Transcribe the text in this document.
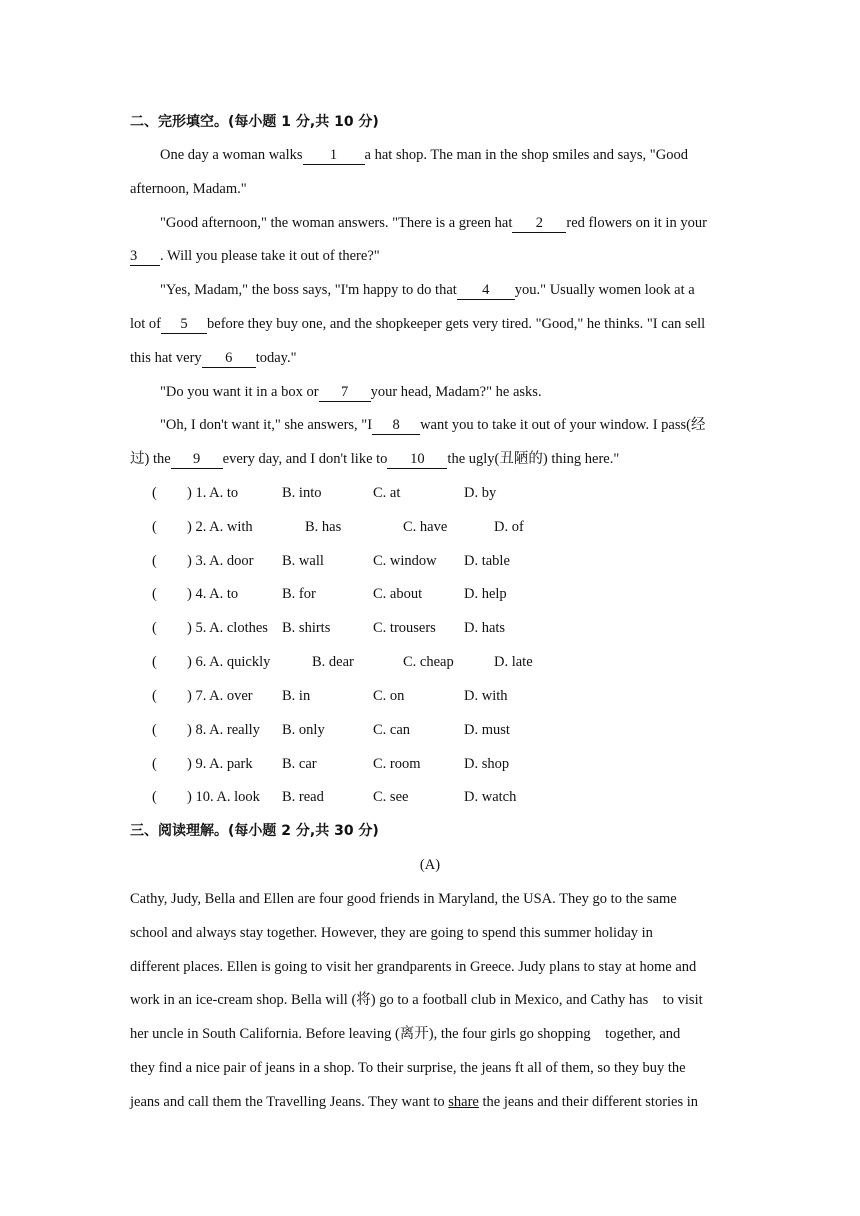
二、完形填空。(每小题 1 分,共 10 分)
One day a woman walks 1 a hat shop. The man in the shop smiles and says, "Good
afternoon, Madam."
"Good afternoon," the woman answers. "There is a green hat 2 red flowers on it in your
3 . Will you please take it out of there?"
"Yes, Madam," the boss says, "I'm happy to do that 4 you." Usually women look at a
lot of 5 before they buy one, and the shopkeeper gets very tired. "Good," he thinks. "I can sell
this hat very 6 today."
"Do you want it in a box or 7 your head, Madam?" he asks.
"Oh, I don't want it," she answers, "I 8 want you to take it out of your window. I pass(经
过) the 9 every day, and I don't like to 10 the ugly(丑陋的) thing here."
( ) 1. A. to	B. into	C. at	D. by
( ) 2. A. with	B. has	C. have	D. of
( ) 3. A. door B. wall	C. window D. table
( ) 4. A. to	B. for	C. about	D. help
( ) 5. A. clothes B. shirts	C. trousers D. hats
( ) 6. A. quickly	B. dear	C. cheap	D. late
( ) 7. A. over B. in	C. on	D. with
( ) 8. A. really B. only	C. can	D. must
( ) 9. A. park B. car	C. room	D. shop
( ) 10. A. look B. read	C. see	D. watch
三、阅读理解。(每小题 2 分,共 30 分)
(A)
Cathy, Judy, Bella and Ellen are four good friends in Maryland, the USA. They go to the same
school and always stay together. However, they are going to spend this summer holiday in
different places. Ellen is going to visit her grandparents in Greece. Judy plans to stay at home and
work in an ice-cream shop. Bella will (将) go to a football club in Mexico, and Cathy has    to visit
her uncle in South California. Before leaving (离开), the four girls go shopping    together, and
they find a nice pair of jeans in a shop. To their surprise, the jeans ft all of them, so they buy the
jeans and call them the Travelling Jeans. They want to share the jeans and their different stories in
